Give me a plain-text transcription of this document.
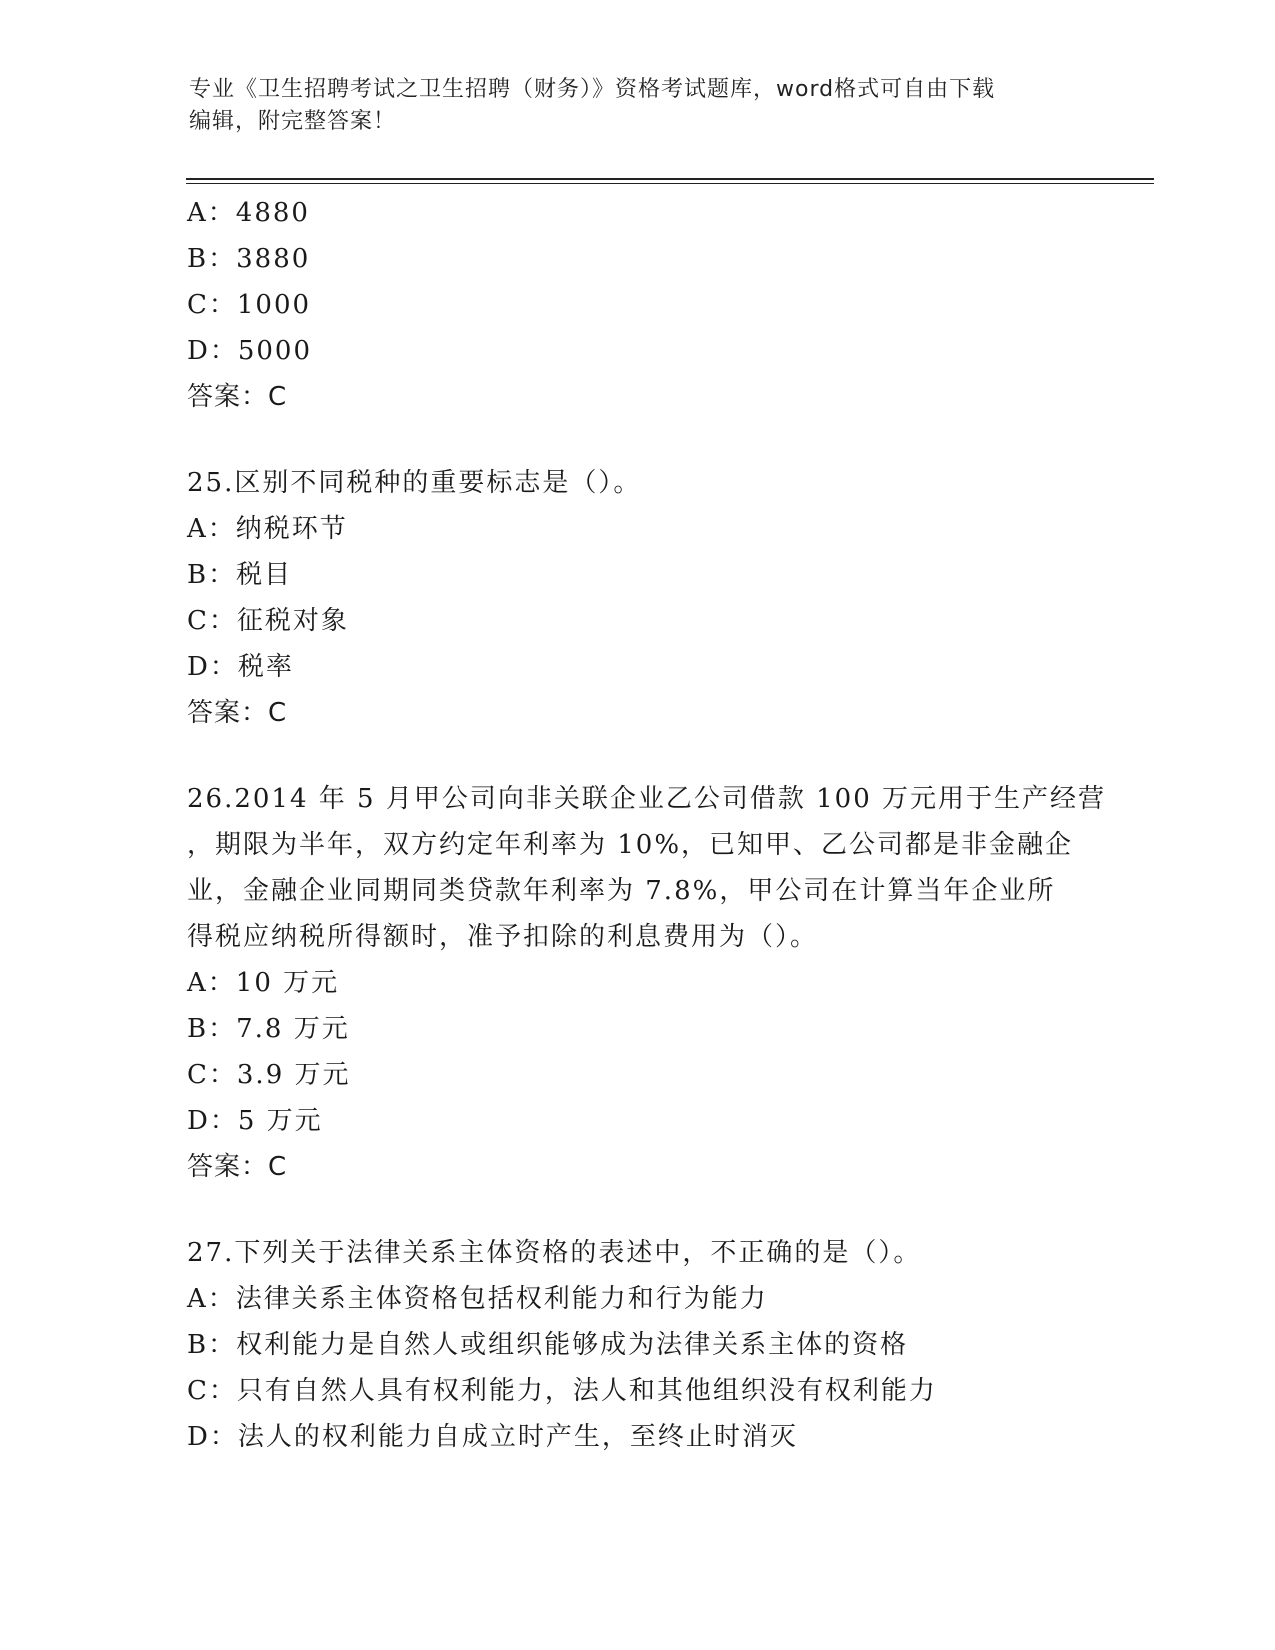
专业《卫生招聘考试之卫生招聘（财务）》资格考试题库，word格式可自由下载
编辑，附完整答案！
A：4880
B：3880
C：1000
D：5000
答案：C
25.区别不同税种的重要标志是（）。
A：纳税环节
B：税目
C：征税对象
D：税率
答案：C
26.2014 年 5 月甲公司向非关联企业乙公司借款 100 万元用于生产经营
，期限为半年，双方约定年利率为 10%，已知甲、乙公司都是非金融企
业，金融企业同期同类贷款年利率为 7.8%，甲公司在计算当年企业所
得税应纳税所得额时，准予扣除的利息费用为（）。
A：10 万元
B：7.8 万元
C：3.9 万元
D：5 万元
答案：C
27.下列关于法律关系主体资格的表述中，不正确的是（）。
A：法律关系主体资格包括权利能力和行为能力
B：权利能力是自然人或组织能够成为法律关系主体的资格
C：只有自然人具有权利能力，法人和其他组织没有权利能力
D：法人的权利能力自成立时产生，至终止时消灭
